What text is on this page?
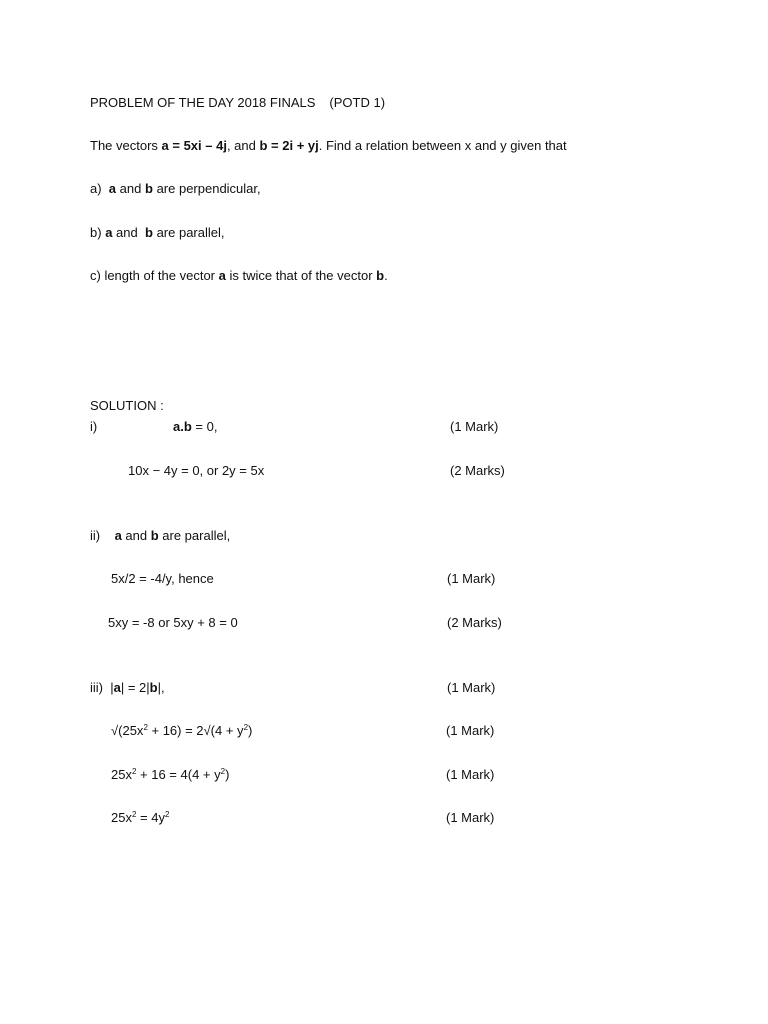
PROBLEM OF THE DAY 2018 FINALS (POTD 1)
The vectors a = 5xi – 4j, and b = 2i + yj. Find a relation between x and y given that
a) a and b are perpendicular,
b) a and b are parallel,
c) length of the vector a is twice that of the vector b.
SOLUTION :
i)	a.b = 0,	(1 Mark)
10x − 4y = 0, or 2y = 5x	(2 Marks)
ii) a and b are parallel,
5x/2 = -4/y, hence	(1 Mark)
5xy = -8 or 5xy + 8 = 0	(2 Marks)
iii) |a| = 2|b|,	(1 Mark)
$√(25x^2 + 16) = 2√(4 + y^2)$	(1 Mark)
$25x^2 + 16 = 4(4 + y^2)$	(1 Mark)
$25x^2 = 4y^2$	(1 Mark)
